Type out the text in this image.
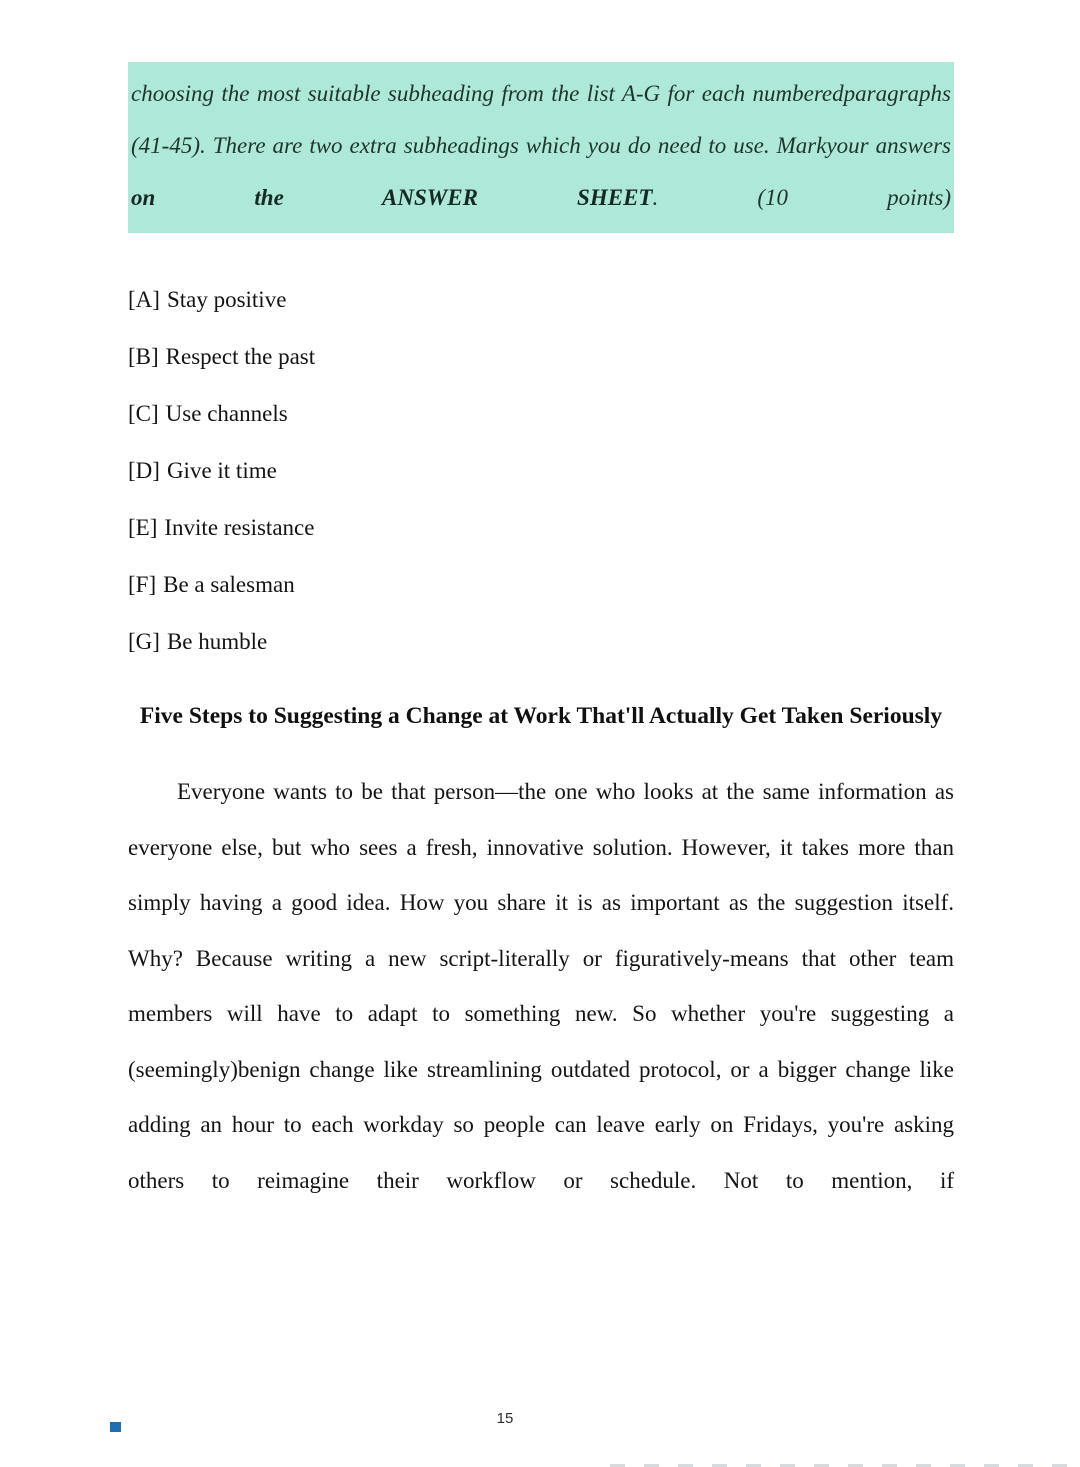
choosing the most suitable subheading from the list A-G for each numberedparagraphs (41-45). There are two extra subheadings which you do need to use. Markyour answers on the ANSWER SHEET. (10 points)
[A] Stay positive
[B] Respect the past
[C] Use channels
[D] Give it time
[E] Invite resistance
[F] Be a salesman
[G] Be humble
Five Steps to Suggesting a Change at Work That'll Actually Get Taken Seriously

Everyone wants to be that person—the one who looks at the same information as everyone else, but who sees a fresh, innovative solution. However, it takes more than simply having a good idea. How you share it is as important as the suggestion itself. Why? Because writing a new script-literally or figuratively-means that other team members will have to adapt to something new. So whether you're suggesting a (seemingly)benign change like streamlining outdated protocol, or a bigger change like adding an hour to each workday so people can leave early on Fridays, you're asking others to reimagine their workflow or schedule. Not to mention, if

15
